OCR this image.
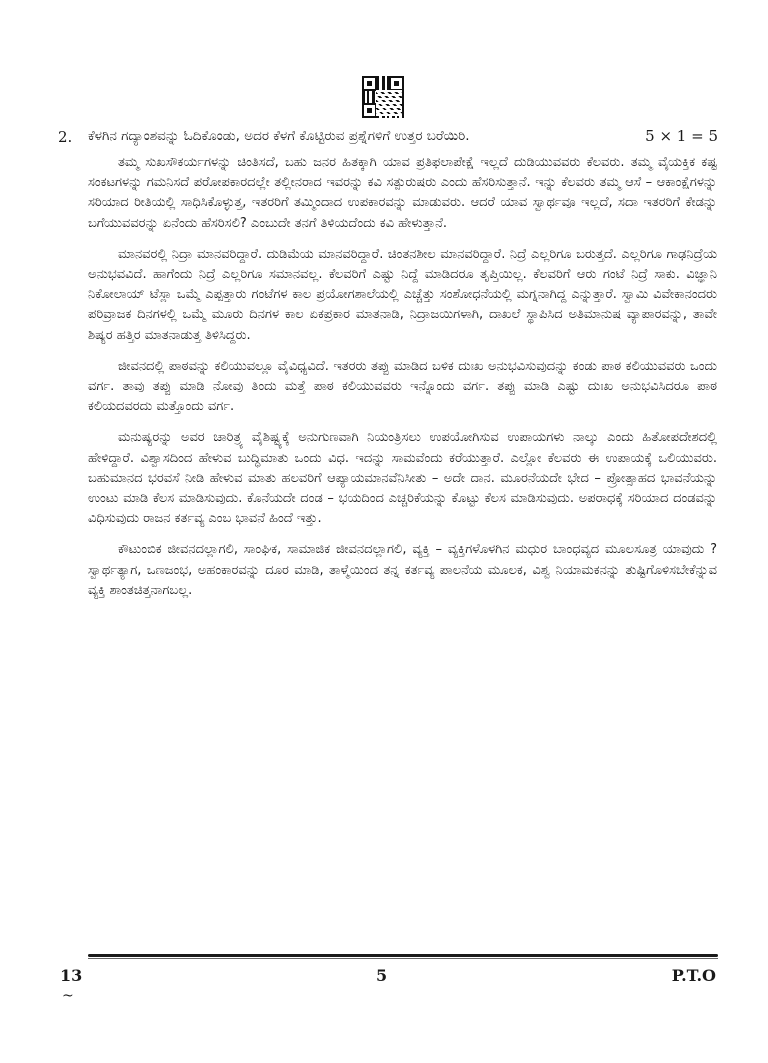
2. ಕೆಳಗಿನ ಗದ್ಯಾಂಶವನ್ನು ಓದಿಕೊಂಡು, ಅದರ ಕೆಳಗೆ ಕೊಟ್ಟಿರುವ ಪ್ರಶ್ನೆಗಳಿಗೆ ಉತ್ತರ ಬರೆಯಿರಿ.	5 × 1 = 5

ತಮ್ಮ ಸುಖಸೌಕರ್ಯಗಳನ್ನು ಚಿಂತಿಸದೆ, ಬಹು ಜನರ ಹಿತಕ್ಕಾಗಿ ಯಾವ ಪ್ರತಿಫಲಾಪೇಕ್ಷೆ ಇಲ್ಲದೆ ದುಡಿಯುವವರು ಕೆಲವರು. ತಮ್ಮ ವೈಯಕ್ತಿಕ ಕಷ್ಟ ಸಂಕಟಗಳನ್ನು ಗಮನಿಸದೆ ಪರೋಪಕಾರದಲ್ಲೇ ತಲ್ಲೀನರಾದ ಇವರನ್ನು ಕವಿ ಸತ್ಪುರುಷರು ಎಂದು ಹೆಸರಿಸುತ್ತಾನೆ. ಇನ್ನು ಕೆಲವರು ತಮ್ಮ ಆಸೆ – ಆಕಾಂಕ್ಷೆಗಳನ್ನು ಸರಿಯಾದ ರೀತಿಯಲ್ಲಿ ಸಾಧಿಸಿಕೊಳ್ಳುತ್ತ, ಇತರರಿಗೆ ತಮ್ಮಿಂದಾದ ಉಪಕಾರವನ್ನು ಮಾಡುವರು. ಆದರೆ ಯಾವ ಸ್ವಾರ್ಥವೂ ಇಲ್ಲದೆ, ಸದಾ ಇತರರಿಗೆ ಕೇಡನ್ನು ಬಗೆಯುವವರನ್ನು ಏನೆಂದು ಹೆಸರಿಸಲಿ? ಎಂಬುದೇ ತನಗೆ ತಿಳಿಯದೆಂದು ಕವಿ ಹೇಳುತ್ತಾನೆ.

ಮಾನವರಲ್ಲಿ ನಿದ್ರಾ ಮಾನವರಿದ್ದಾರೆ. ದುಡಿಮೆಯ ಮಾನವರಿದ್ದಾರೆ. ಚಿಂತನಶೀಲ ಮಾನವರಿದ್ದಾರೆ. ನಿದ್ರೆ ಎಲ್ಲರಿಗೂ ಬರುತ್ತದೆ. ಎಲ್ಲರಿಗೂ ಗಾಢನಿದ್ರೆಯ ಅನುಭವವಿದೆ. ಹಾಗೆಂದು ನಿದ್ರೆ ಎಲ್ಲರಿಗೂ ಸಮಾನವಲ್ಲ. ಕೆಲವರಿಗೆ ಎಷ್ಟು ನಿದ್ದೆ ಮಾಡಿದರೂ ತೃಪ್ತಿಯಿಲ್ಲ. ಕೆಲವರಿಗೆ ಆರು ಗಂಟೆ ನಿದ್ರೆ ಸಾಕು. ವಿಜ್ಞಾನಿ ನಿಕೋಲಾಯ್ ಟೆಸ್ಲಾ ಒಮ್ಮೆ ಎಪ್ಪತ್ತಾರು ಗಂಟೆಗಳ ಕಾಲ ಪ್ರಯೋಗಶಾಲೆಯಲ್ಲಿ ಎಚ್ಚೆತ್ತು ಸಂಶೋಧನೆಯಲ್ಲಿ ಮಗ್ನನಾಗಿದ್ದ ಎನ್ನುತ್ತಾರೆ. ಸ್ವಾಮಿ ವಿವೇಕಾನಂದರು ಪರಿವ್ರಾಜಕ ದಿನಗಳಲ್ಲಿ ಒಮ್ಮೆ ಮೂರು ದಿನಗಳ ಕಾಲ ಏಕಪ್ರಕಾರ ಮಾತನಾಡಿ, ನಿದ್ರಾಜಯಿಗಳಾಗಿ, ದಾಖಲೆ ಸ್ಥಾಪಿಸಿದ ಅತಿಮಾನುಷ ವ್ಯಾಪಾರವನ್ನು, ತಾವೇ ಶಿಷ್ಯರ ಹತ್ತಿರ ಮಾತನಾಡುತ್ತ ತಿಳಿಸಿದ್ದರು.

ಜೀವನದಲ್ಲಿ ಪಾಠವನ್ನು ಕಲಿಯುವಲ್ಲೂ ವೈವಿಧ್ಯವಿದೆ. ಇತರರು ತಪ್ಪು ಮಾಡಿದ ಬಳಿಕ ದುಃಖ ಅನುಭವಿಸುವುದನ್ನು ಕಂಡು ಪಾಠ ಕಲಿಯುವವರು ಒಂದು ವರ್ಗ. ತಾವು ತಪ್ಪು ಮಾಡಿ ನೋವು ತಿಂದು ಮತ್ತೆ ಪಾಠ ಕಲಿಯುವವರು ಇನ್ನೊಂದು ವರ್ಗ. ತಪ್ಪು ಮಾಡಿ ಎಷ್ಟು ದುಃಖ ಅನುಭವಿಸಿದರೂ ಪಾಠ ಕಲಿಯದವರದು ಮತ್ತೊಂದು ವರ್ಗ.

ಮನುಷ್ಯರನ್ನು ಅವರ ಚಾರಿತ್ರ್ಯ ವೈಶಿಷ್ಟ್ಯಕ್ಕೆ ಅನುಗುಣವಾಗಿ ನಿಯಂತ್ರಿಸಲು ಉಪಯೋಗಿಸುವ ಉಪಾಯಗಳು ನಾಲ್ಕು ಎಂದು ಹಿತೋಪದೇಶದಲ್ಲಿ ಹೇಳಿದ್ದಾರೆ. ವಿಶ್ವಾಸದಿಂದ ಹೇಳುವ ಬುದ್ಧಿಮಾತು ಒಂದು ವಿಧ. ಇದನ್ನು ಸಾಮವೆಂದು ಕರೆಯುತ್ತಾರೆ. ಎಲ್ಲೋ ಕೆಲವರು ಈ ಉಪಾಯಕ್ಕೆ ಒಲಿಯುವರು. ಬಹುಮಾನದ ಭರವಸೆ ನೀಡಿ ಹೇಳುವ ಮಾತು ಹಲವರಿಗೆ ಆಪ್ಯಾಯಮಾನವೆನಿಸೀತು – ಅದೇ ದಾನ. ಮೂರನೆಯದೇ ಭೇದ – ಪ್ರೋತ್ಸಾಹದ ಭಾವನೆಯನ್ನು ಉಂಟು ಮಾಡಿ ಕೆಲಸ ಮಾಡಿಸುವುದು. ಕೊನೆಯದೇ ದಂಡ – ಭಯದಿಂದ ಎಚ್ಚರಿಕೆಯನ್ನು ಕೊಟ್ಟು ಕೆಲಸ ಮಾಡಿಸುವುದು. ಅಪರಾಧಕ್ಕೆ ಸರಿಯಾದ ದಂಡವನ್ನು ವಿಧಿಸುವುದು ರಾಜನ ಕರ್ತವ್ಯ ಎಂಬ ಭಾವನೆ ಹಿಂದೆ ಇತ್ತು.

ಕೌಟುಂಬಿಕ ಜೀವನದಲ್ಲಾಗಲಿ, ಸಾಂಘಿಕ, ಸಾಮಾಜಿಕ ಜೀವನದಲ್ಲಾಗಲಿ, ವ್ಯಕ್ತಿ – ವ್ಯಕ್ತಿಗಳೊಳಗಿನ ಮಧುರ ಬಾಂಧವ್ಯದ ಮೂಲಸೂತ್ರ ಯಾವುದು ? ಸ್ವಾರ್ಥತ್ಯಾಗ, ಒಣಜಂಭ, ಅಹಂಕಾರವನ್ನು ದೂರ ಮಾಡಿ, ತಾಳ್ಮೆಯಿಂದ ತನ್ನ ಕರ್ತವ್ಯ ಪಾಲನೆಯ ಮೂಲಕ, ವಿಶ್ವ ನಿಯಾಮಕನನ್ನು ತುಷ್ಟಿಗೊಳಿಸಬೇಕೆನ್ನುವ ವ್ಯಕ್ತಿ ಶಾಂತಚಿತ್ತನಾಗಬಲ್ಲ.

13
~
5	P.T.O
